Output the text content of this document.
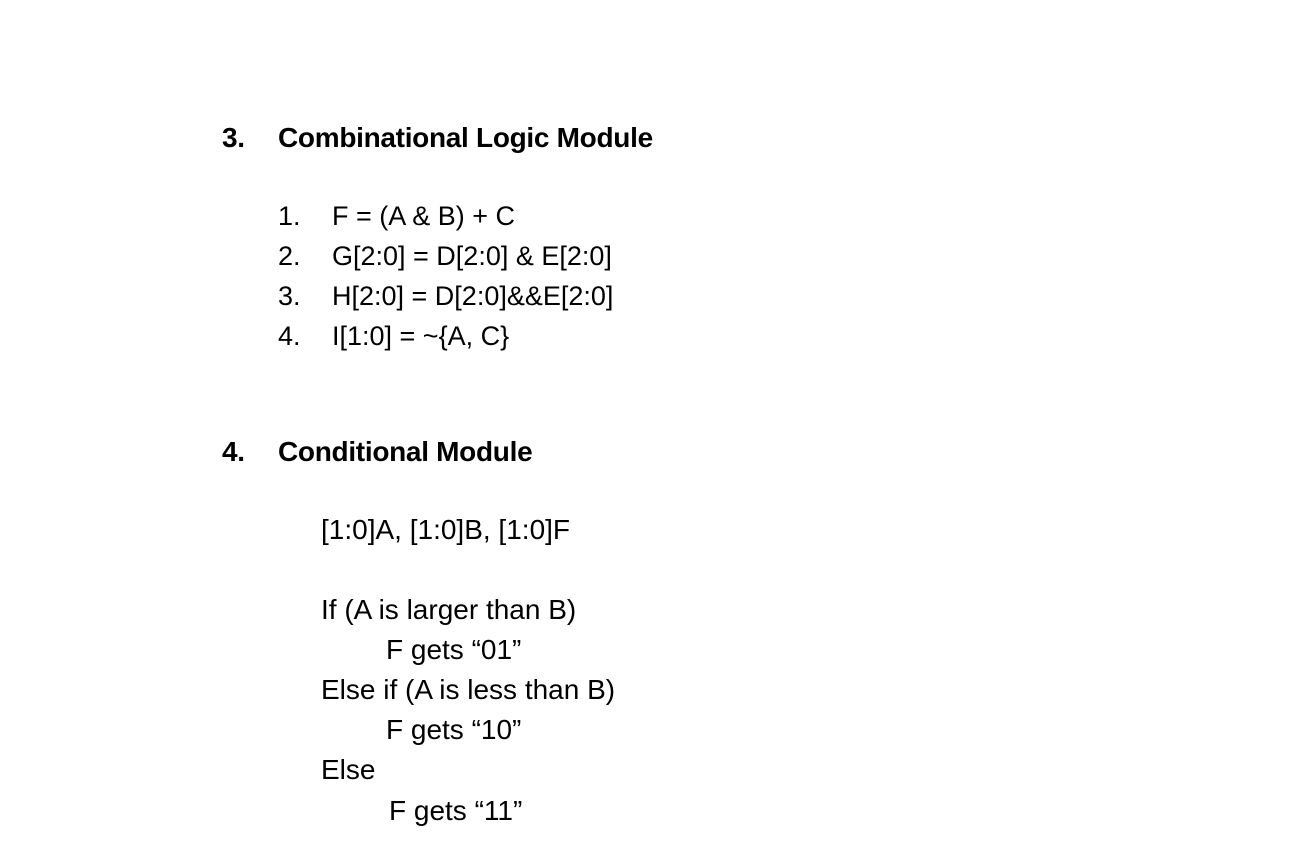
3. Combinational Logic Module
1. F = (A & B) + C
2. G[2:0] = D[2:0] & E[2:0]
3. H[2:0] = D[2:0]&&E[2:0]
4. I[1:0] = ~{A, C}
4. Conditional Module
[1:0]A, [1:0]B, [1:0]F
If (A is larger than B)
F gets “01”
Else if (A is less than B)
F gets “10”
Else
F gets “11”
